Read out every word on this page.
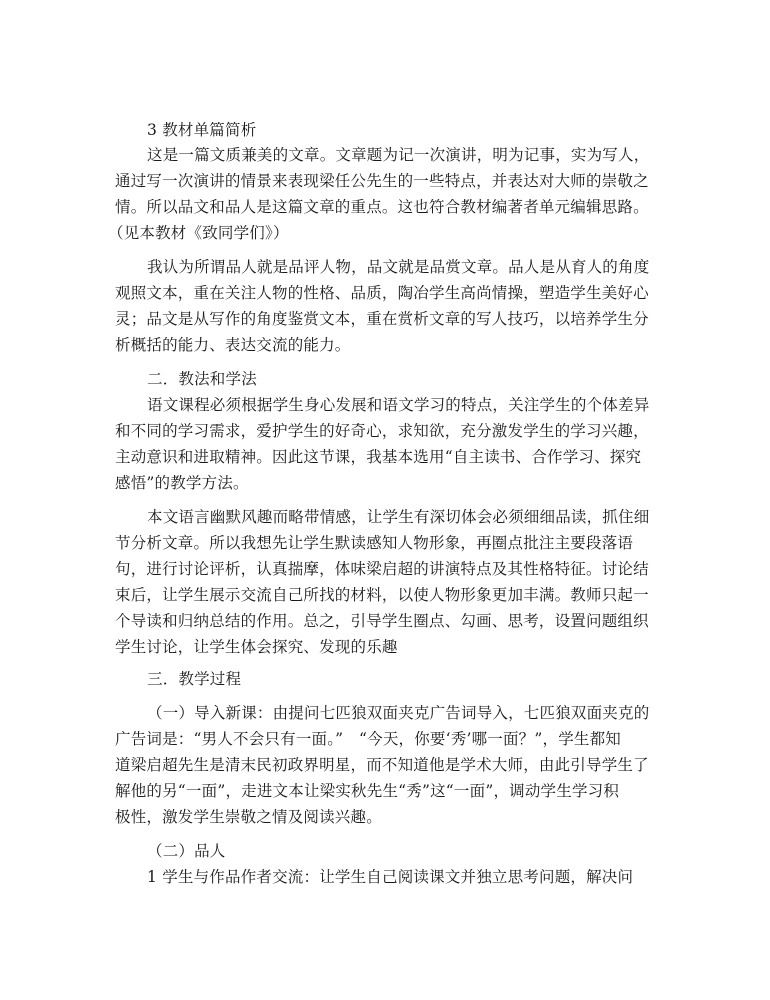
3 教材单篇简析
这是一篇文质兼美的文章。文章题为记一次演讲，明为记事，实为写人，
通过写一次演讲的情景来表现梁任公先生的一些特点，并表达对大师的崇敬之
情。所以品文和品人是这篇文章的重点。这也符合教材编著者单元编辑思路。
（见本教材《致同学们》）
我认为所谓品人就是品评人物，品文就是品赏文章。品人是从育人的角度
观照文本，重在关注人物的性格、品质，陶冶学生高尚情操，塑造学生美好心
灵；品文是从写作的角度鉴赏文本，重在赏析文章的写人技巧，以培养学生分
析概括的能力、表达交流的能力。
二．教法和学法
语文课程必须根据学生身心发展和语文学习的特点，关注学生的个体差异
和不同的学习需求，爱护学生的好奇心，求知欲，充分激发学生的学习兴趣，
主动意识和进取精神。因此这节课，我基本选用“自主读书、合作学习、探究
感悟”的教学方法。
本文语言幽默风趣而略带情感，让学生有深切体会必须细细品读，抓住细
节分析文章。所以我想先让学生默读感知人物形象，再圈点批注主要段落语
句，进行讨论评析，认真揣摩，体味梁启超的讲演特点及其性格特征。讨论结
束后，让学生展示交流自己所找的材料，以使人物形象更加丰满。教师只起一
个导读和归纳总结的作用。总之，引导学生圈点、勾画、思考，设置问题组织
学生讨论，让学生体会探究、发现的乐趣
三．教学过程
（一）导入新课：由提问七匹狼双面夹克广告词导入，七匹狼双面夹克的
广告词是：“男人不会只有一面。”　“今天，你要‘秀’哪一面？”，学生都知
道梁启超先生是清末民初政界明星，而不知道他是学术大师，由此引导学生了
解他的另“一面”，走进文本让梁实秋先生“秀”这“一面”，调动学生学习积
极性，激发学生崇敬之情及阅读兴趣。
（二）品人
1 学生与作品作者交流：让学生自己阅读课文并独立思考问题，解决问
